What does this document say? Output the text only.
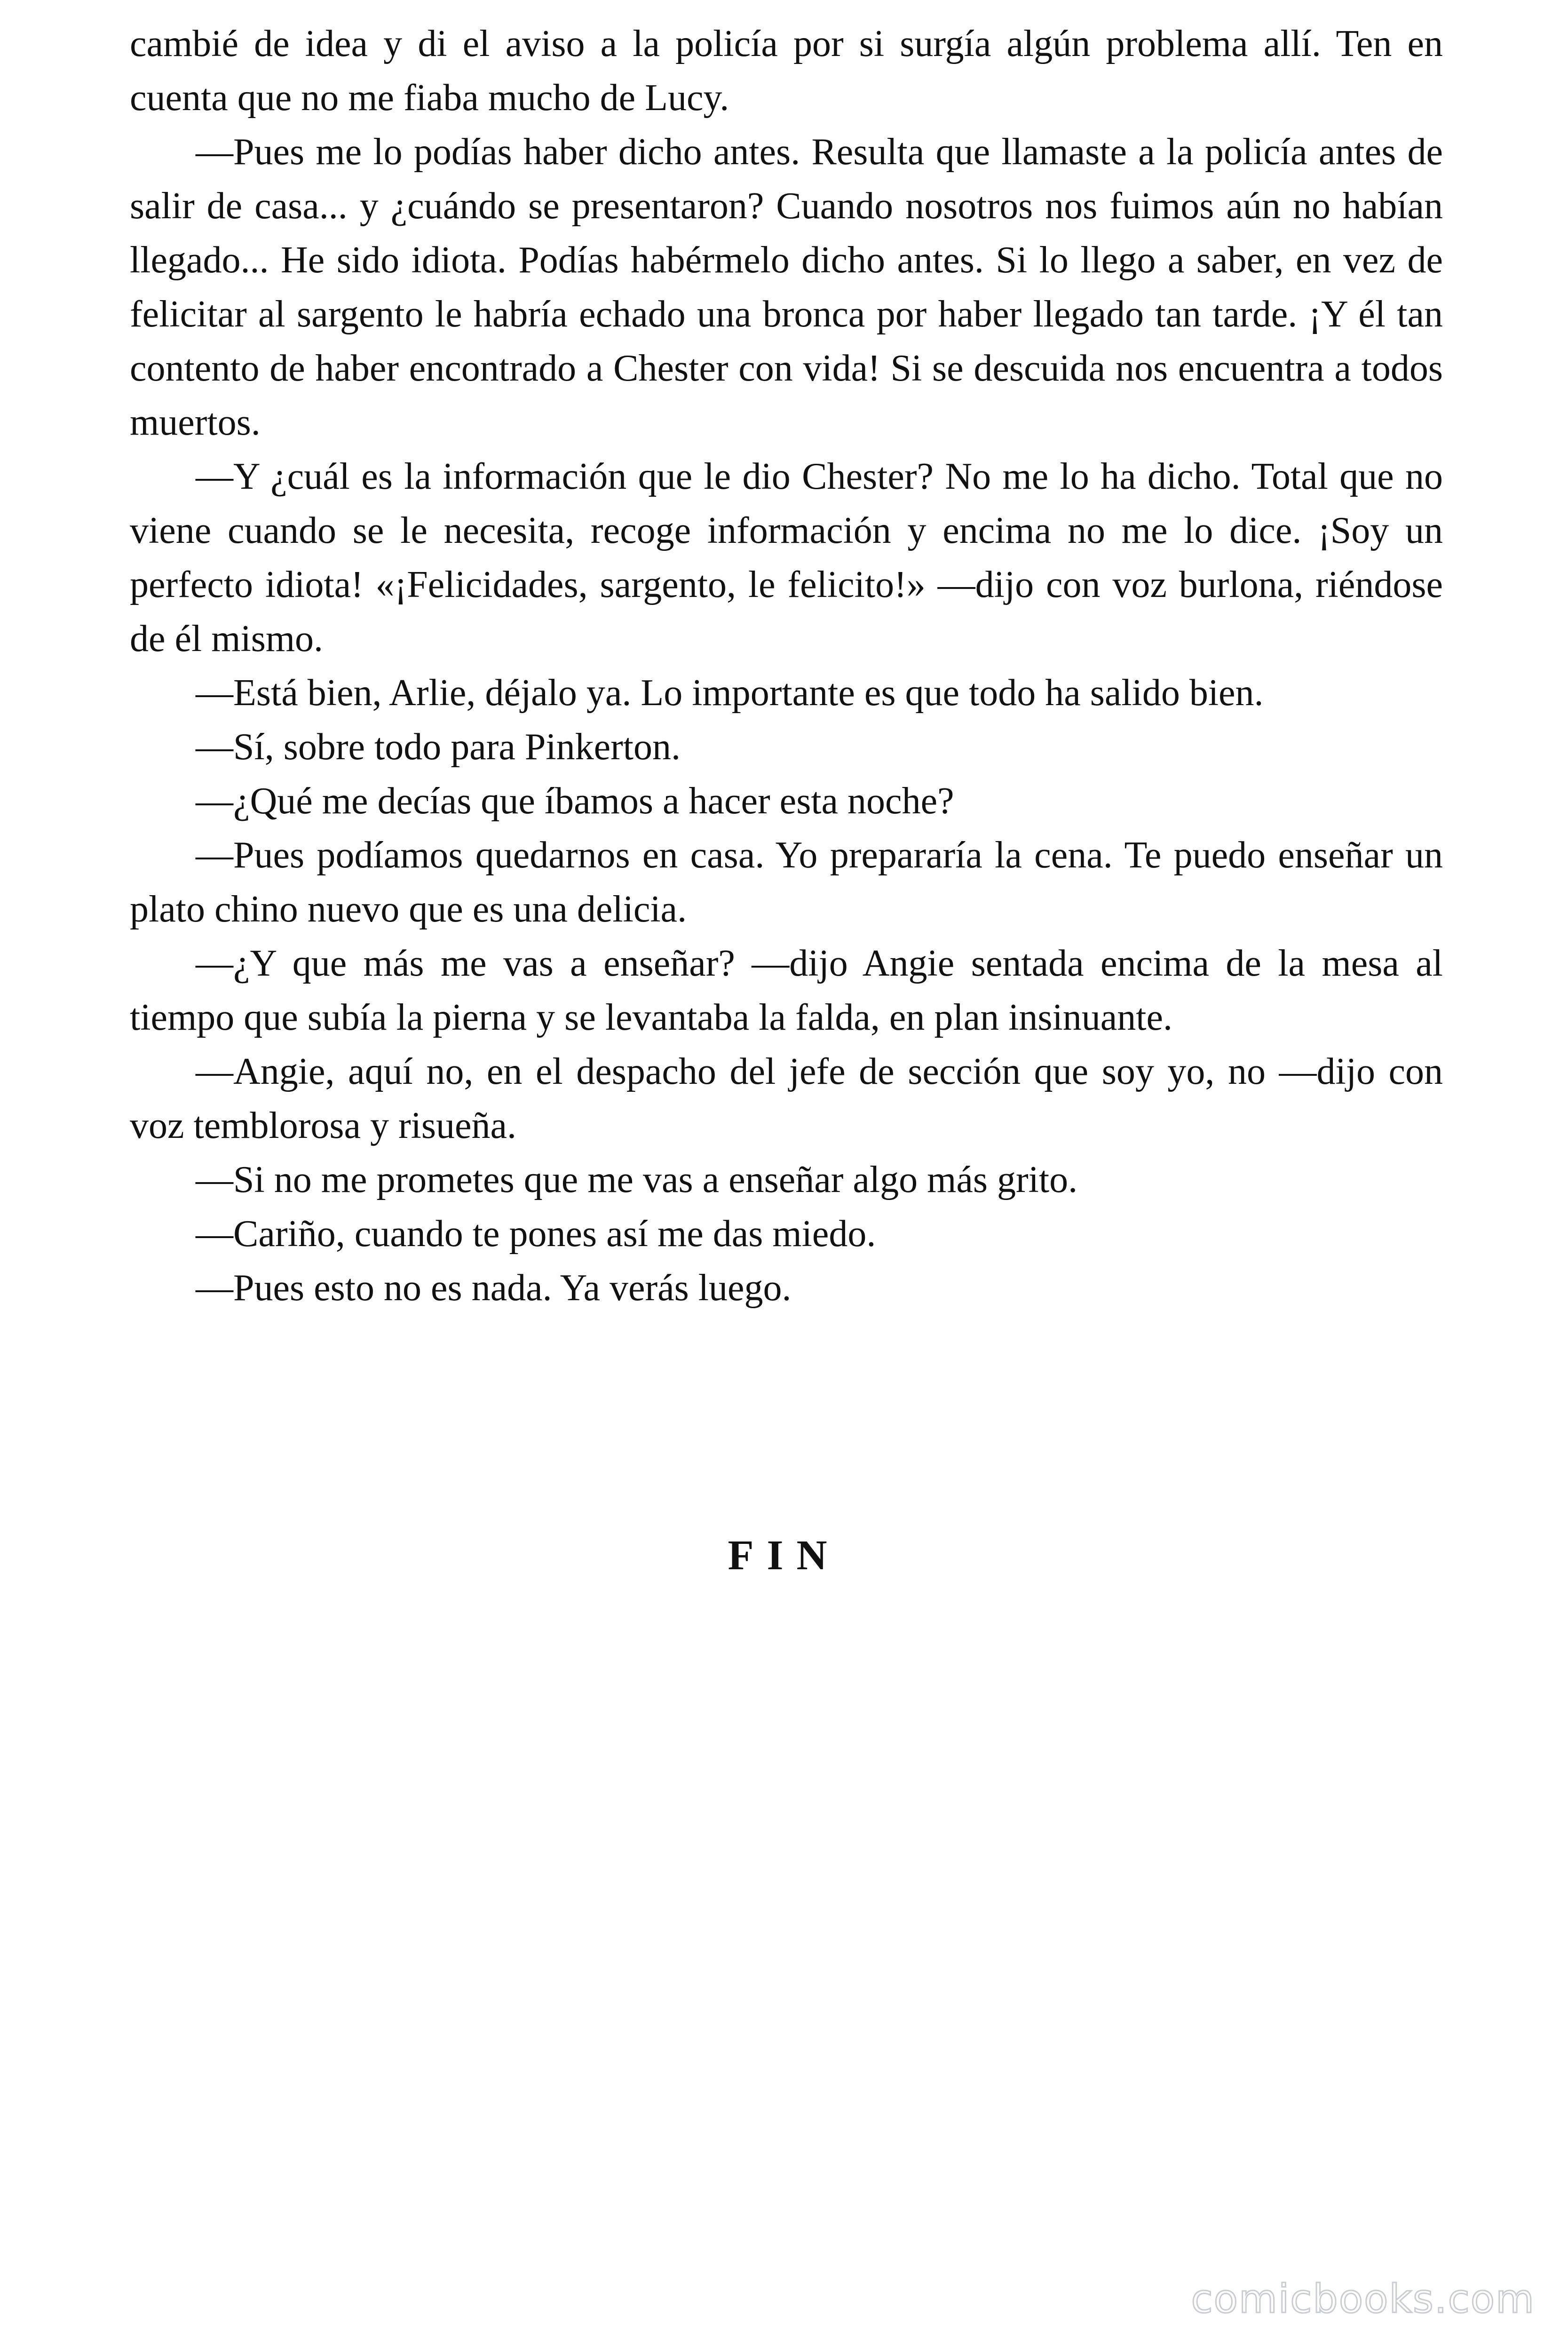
cambié de idea y di el aviso a la policía por si surgía algún problema allí. Ten en cuenta que no me fiaba mucho de Lucy.

—Pues me lo podías haber dicho antes. Resulta que llamaste a la policía antes de salir de casa... y ¿cuándo se presentaron? Cuando nosotros nos fuimos aún no habían llegado... He sido idiota. Podías habérmelo dicho antes. Si lo llego a saber, en vez de felicitar al sargento le habría echado una bronca por haber llegado tan tarde. ¡Y él tan contento de haber encontrado a Chester con vida! Si se descuida nos encuentra a todos muertos.

—Y ¿cuál es la información que le dio Chester? No me lo ha dicho. Total que no viene cuando se le necesita, recoge información y encima no me lo dice. ¡Soy un perfecto idiota! «¡Felicidades, sargento, le felicito!» —dijo con voz burlona, riéndose de él mismo.

—Está bien, Arlie, déjalo ya. Lo importante es que todo ha salido bien.

—Sí, sobre todo para Pinkerton.

—¿Qué me decías que íbamos a hacer esta noche?

—Pues podíamos quedarnos en casa. Yo prepararía la cena. Te puedo enseñar un plato chino nuevo que es una delicia.

—¿Y que más me vas a enseñar? —dijo Angie sentada encima de la mesa al tiempo que subía la pierna y se levantaba la falda, en plan insinuante.

—Angie, aquí no, en el despacho del jefe de sección que soy yo, no —dijo con voz temblorosa y risueña.

—Si no me prometes que me vas a enseñar algo más grito.

—Cariño, cuando te pones así me das miedo.

—Pues esto no es nada. Ya verás luego.

FIN
comicbooks.com
